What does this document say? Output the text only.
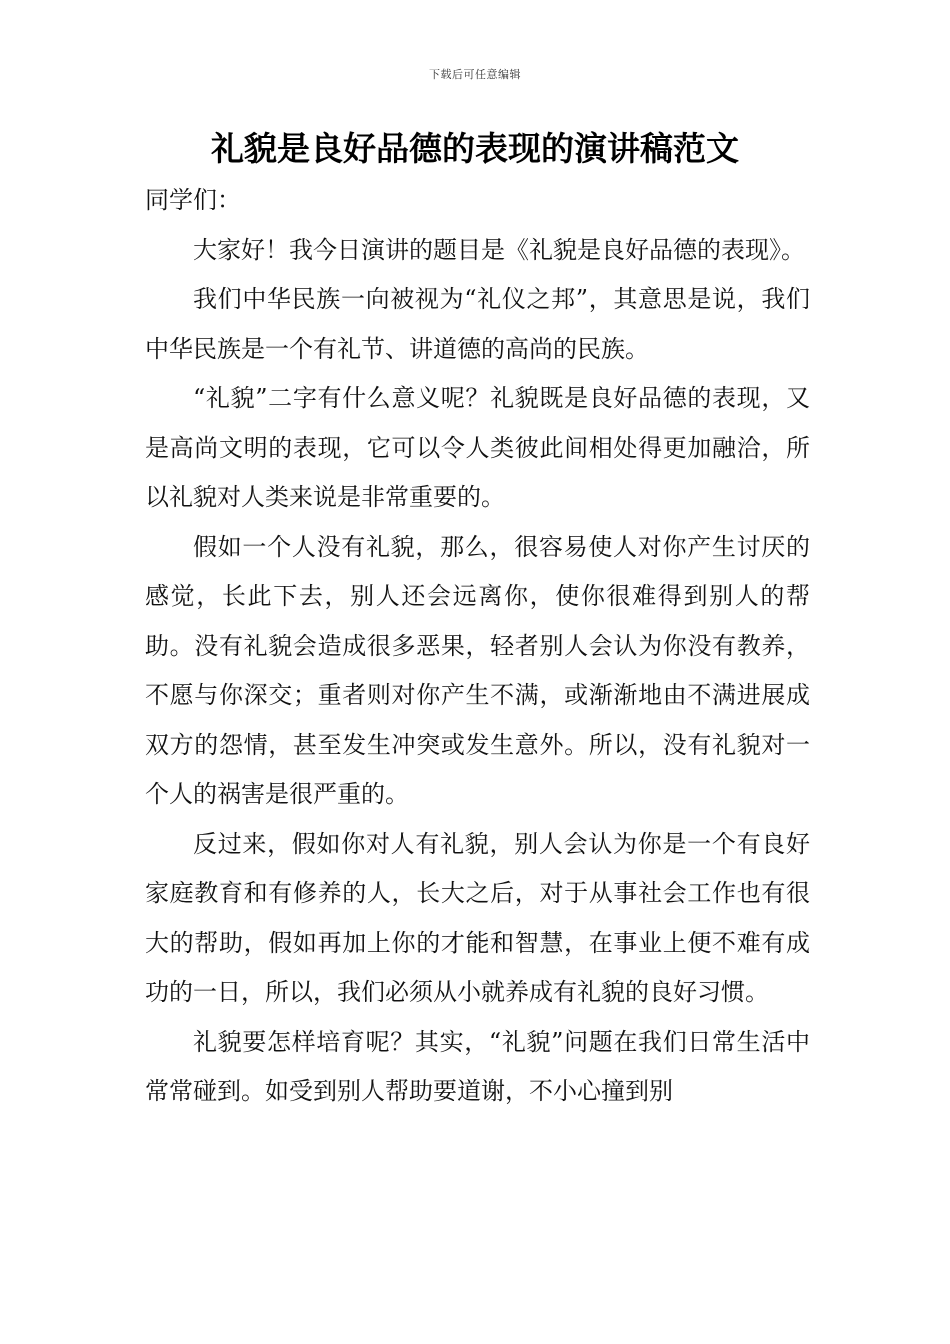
下载后可任意编辑
礼貌是良好品德的表现的演讲稿范文

同学们：

大家好！我今日演讲的题目是《礼貌是良好品德的表现》。

我们中华民族一向被视为“礼仪之邦”，其意思是说，我们中华民族是一个有礼节、讲道德的高尚的民族。

“礼貌”二字有什么意义呢？礼貌既是良好品德的表现，又是高尚文明的表现，它可以令人类彼此间相处得更加融洽，所以礼貌对人类来说是非常重要的。

假如一个人没有礼貌，那么，很容易使人对你产生讨厌的感觉，长此下去，别人还会远离你，使你很难得到别人的帮助。没有礼貌会造成很多恶果，轻者别人会认为你没有教养，不愿与你深交；重者则对你产生不满，或渐渐地由不满进展成双方的怨情，甚至发生冲突或发生意外。所以，没有礼貌对一个人的祸害是很严重的。

反过来，假如你对人有礼貌，别人会认为你是一个有良好家庭教育和有修养的人，长大之后，对于从事社会工作也有很大的帮助，假如再加上你的才能和智慧，在事业上便不难有成功的一日，所以，我们必须从小就养成有礼貌的良好习惯。

礼貌要怎样培育呢？其实，“礼貌”问题在我们日常生活中常常碰到。如受到别人帮助要道谢，不小心撞到别
